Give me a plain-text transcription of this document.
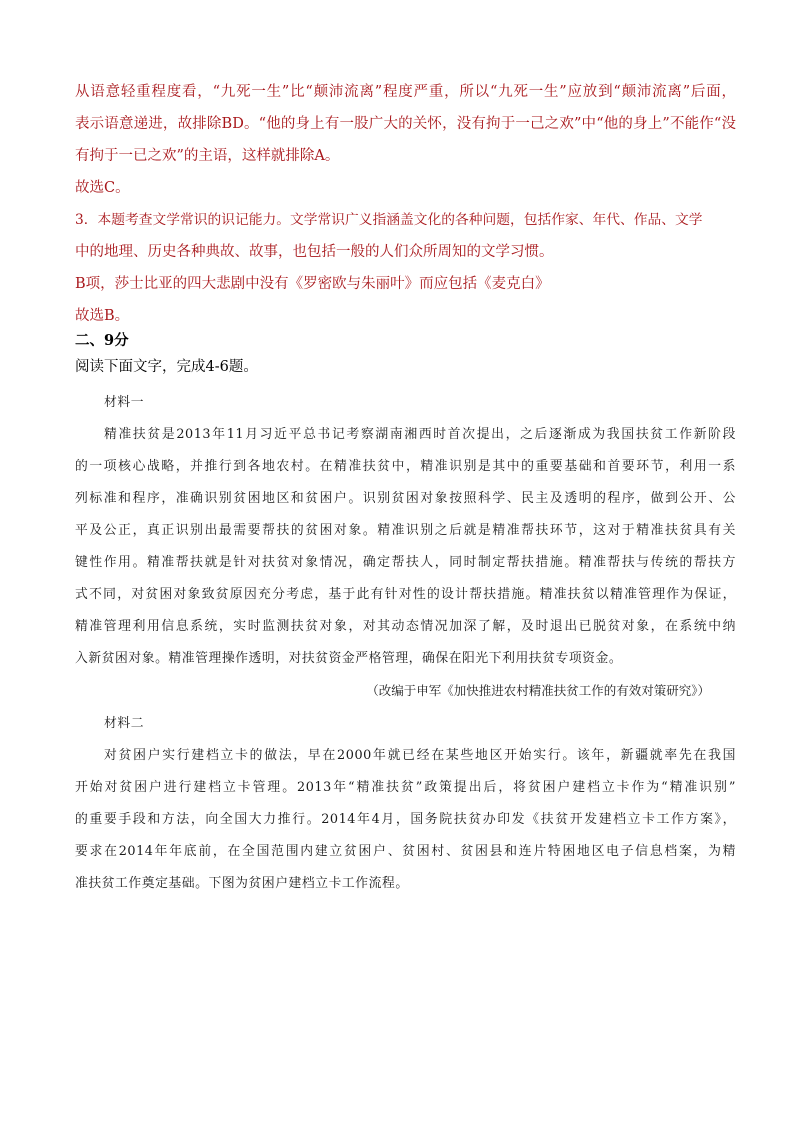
从语意轻重程度看，“九死一生”比“颠沛流离”程度严重，所以“九死一生”应放到“颠沛流离”后面，
表示语意递进，故排除BD。“他的身上有一股广大的关怀，没有拘于一己之欢”中“他的身上”不能作“没
有拘于一已之欢”的主语，这样就排除A。
故选C。
3．本题考查文学常识的识记能力。文学常识广义指涵盖文化的各种问题，包括作家、年代、作品、文学
中的地理、历史各种典故、故事，也包括一般的人们众所周知的文学习惯。
B项，莎士比亚的四大悲剧中没有《罗密欧与朱丽叶》而应包括《麦克白》
故选B。
二、9分
阅读下面文字，完成4-6题。
材料一
精准扶贫是2013年11月习近平总书记考察湖南湘西时首次提出，之后逐渐成为我国扶贫工作新阶段
的一项核心战略，并推行到各地农村。在精准扶贫中，精准识别是其中的重要基础和首要环节，利用一系
列标准和程序，准确识别贫困地区和贫困户。识别贫困对象按照科学、民主及透明的程序，做到公开、公
平及公正，真正识别出最需要帮扶的贫困对象。精准识别之后就是精准帮扶环节，这对于精准扶贫具有关
键性作用。精准帮扶就是针对扶贫对象情况，确定帮扶人，同时制定帮扶措施。精准帮扶与传统的帮扶方
式不同，对贫困对象致贫原因充分考虑，基于此有针对性的设计帮扶措施。精准扶贫以精准管理作为保证，
精准管理利用信息系统，实时监测扶贫对象，对其动态情况加深了解，及时退出已脱贫对象，在系统中纳
入新贫困对象。精准管理操作透明，对扶贫资金严格管理，确保在阳光下利用扶贫专项资金。
（改编于申军《加快推进农村精准扶贫工作的有效对策研究》）
材料二
对贫困户实行建档立卡的做法，早在2000年就已经在某些地区开始实行。该年，新疆就率先在我国
开始对贫困户进行建档立卡管理。2013年“精准扶贫”政策提出后，将贫困户建档立卡作为“精准识别”
的重要手段和方法，向全国大力推行。2014年4月，国务院扶贫办印发《扶贫开发建档立卡工作方案》，
要求在2014年年底前，在全国范围内建立贫困户、贫困村、贫困县和连片特困地区电子信息档案，为精
准扶贫工作奠定基础。下图为贫困户建档立卡工作流程。
